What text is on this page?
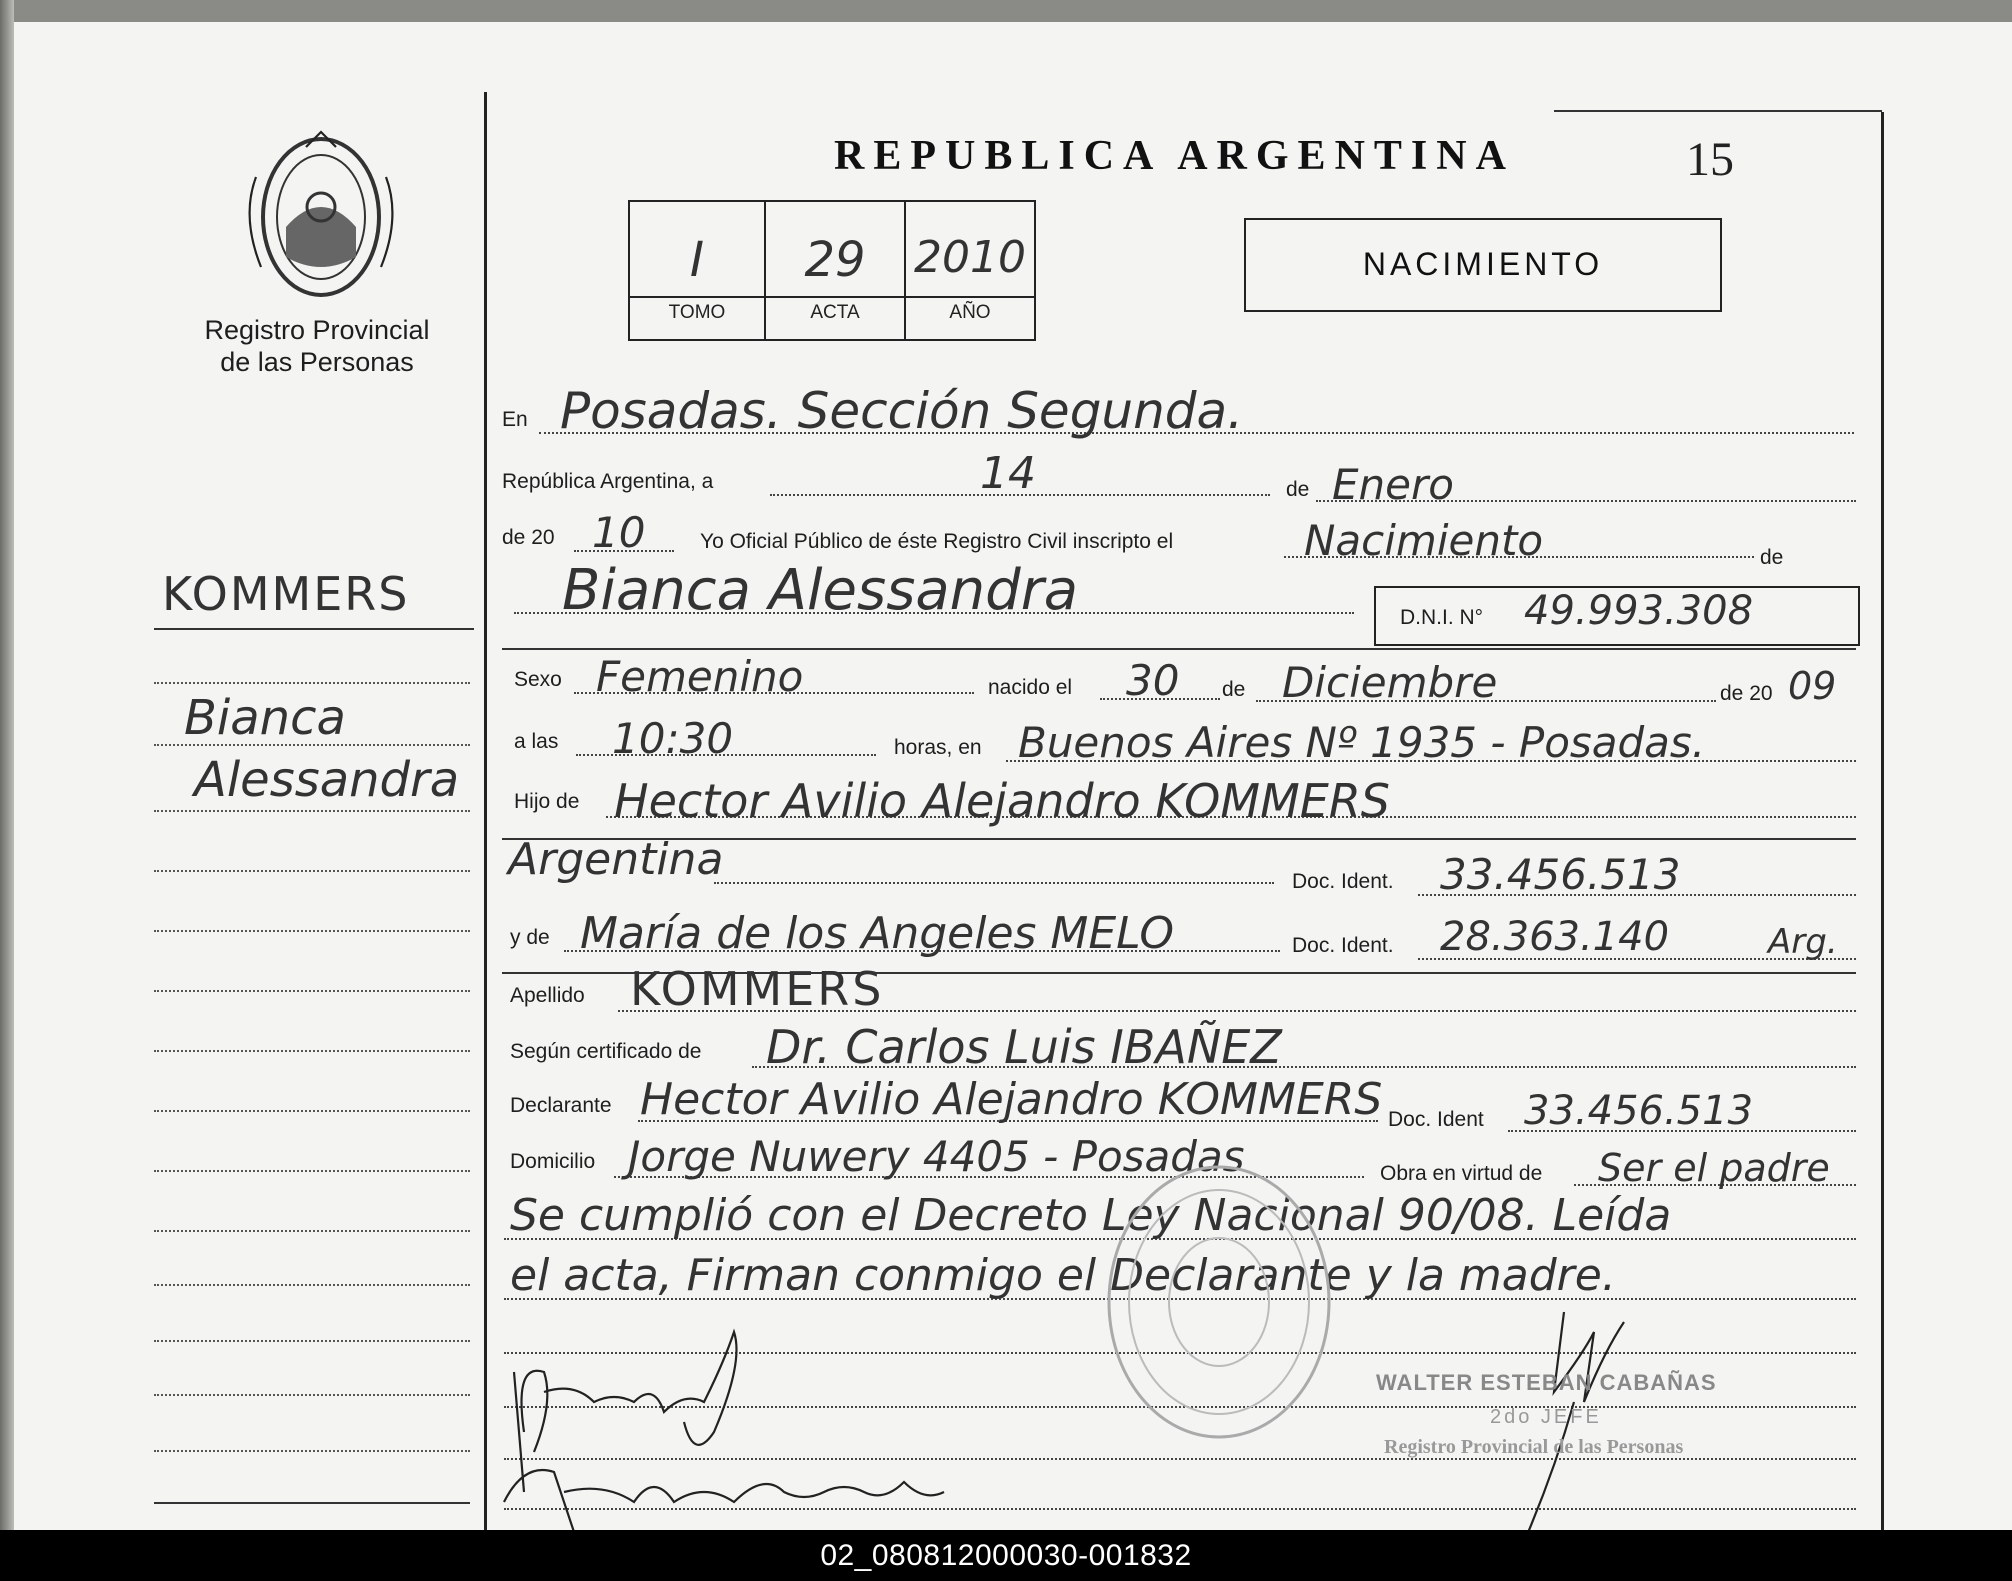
Registro Provincial
de las Personas
REPUBLICA ARGENTINA	15
I	29	2010
TOMO	ACTA	AÑO
NACIMIENTO
KOMMERS
Bianca
Alessandra
En Posadas. Sección Segunda.
República Argentina, a	14	de Enero
de 20 10	Yo Oficial Público de éste Registro Civil inscripto el	Nacimiento	de
Bianca Alessandra	D.N.I. N° 49.993.308
Sexo Femenino	nacido el 30 de Diciembre	de 20 09
a las 10:30	horas, en Buenos Aires Nº 1935 - Posadas.
Hijo de Hector Avilio Alejandro KOMMERS
Argentina	Doc. Ident. 33.456.513
y de María de los Angeles MELO	Doc. Ident. 28.363.140	Arg.
Apellido KOMMERS
Según certificado de Dr. Carlos Luis IBAÑEZ
Declarante Hector Avilio Alejandro KOMMERS Doc. Ident 33.456.513
Domicilio Jorge Nuwery 4405 - Posadas	Obra en virtud de Ser el padre
Se cumplió con el Decreto Ley Nacional 90/08. Leída
el acta, Firman conmigo el Declarante y la madre.
WALTER ESTEBAN CABAÑAS
2do JEFE
Registro Provincial de las Personas
02_080812000030-001832
